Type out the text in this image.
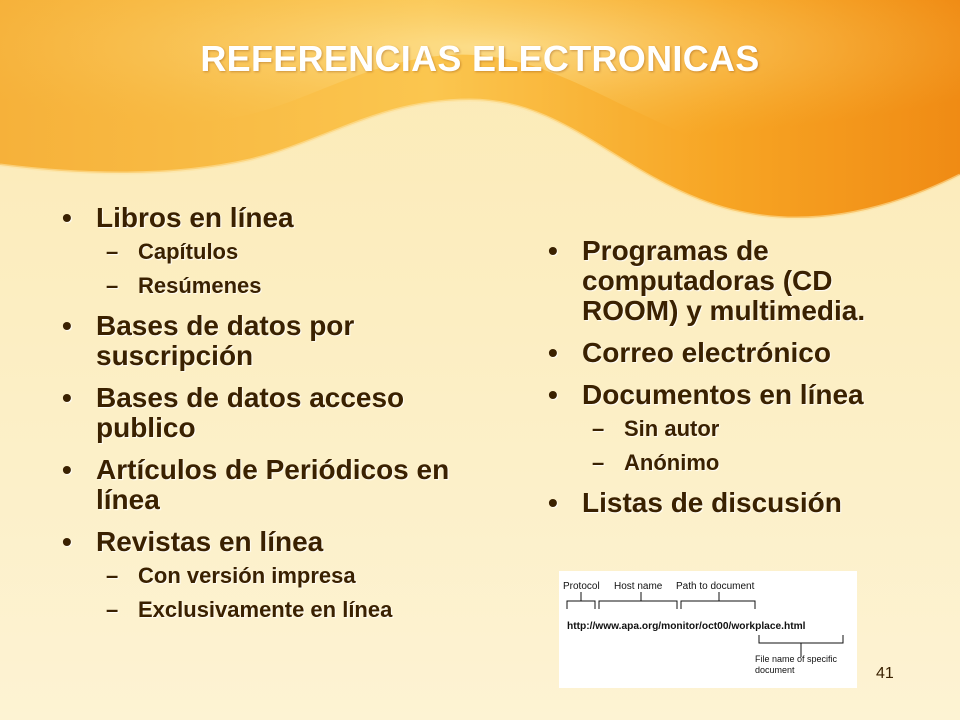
REFERENCIAS ELECTRONICAS
• Libros en línea
– Capítulos
– Resúmenes
• Bases de datos por suscripción
• Bases de datos acceso publico
• Artículos de Periódicos en línea
• Revistas en línea
– Con versión impresa
– Exclusivamente en línea
• Programas de computadoras (CD ROOM) y multimedia.
• Correo electrónico
• Documentos en línea
– Sin autor
– Anónimo
• Listas de discusión
Protocol Host name Path to document
http://www.apa.org/monitor/oct00/workplace.html
File name of specific
document	41
